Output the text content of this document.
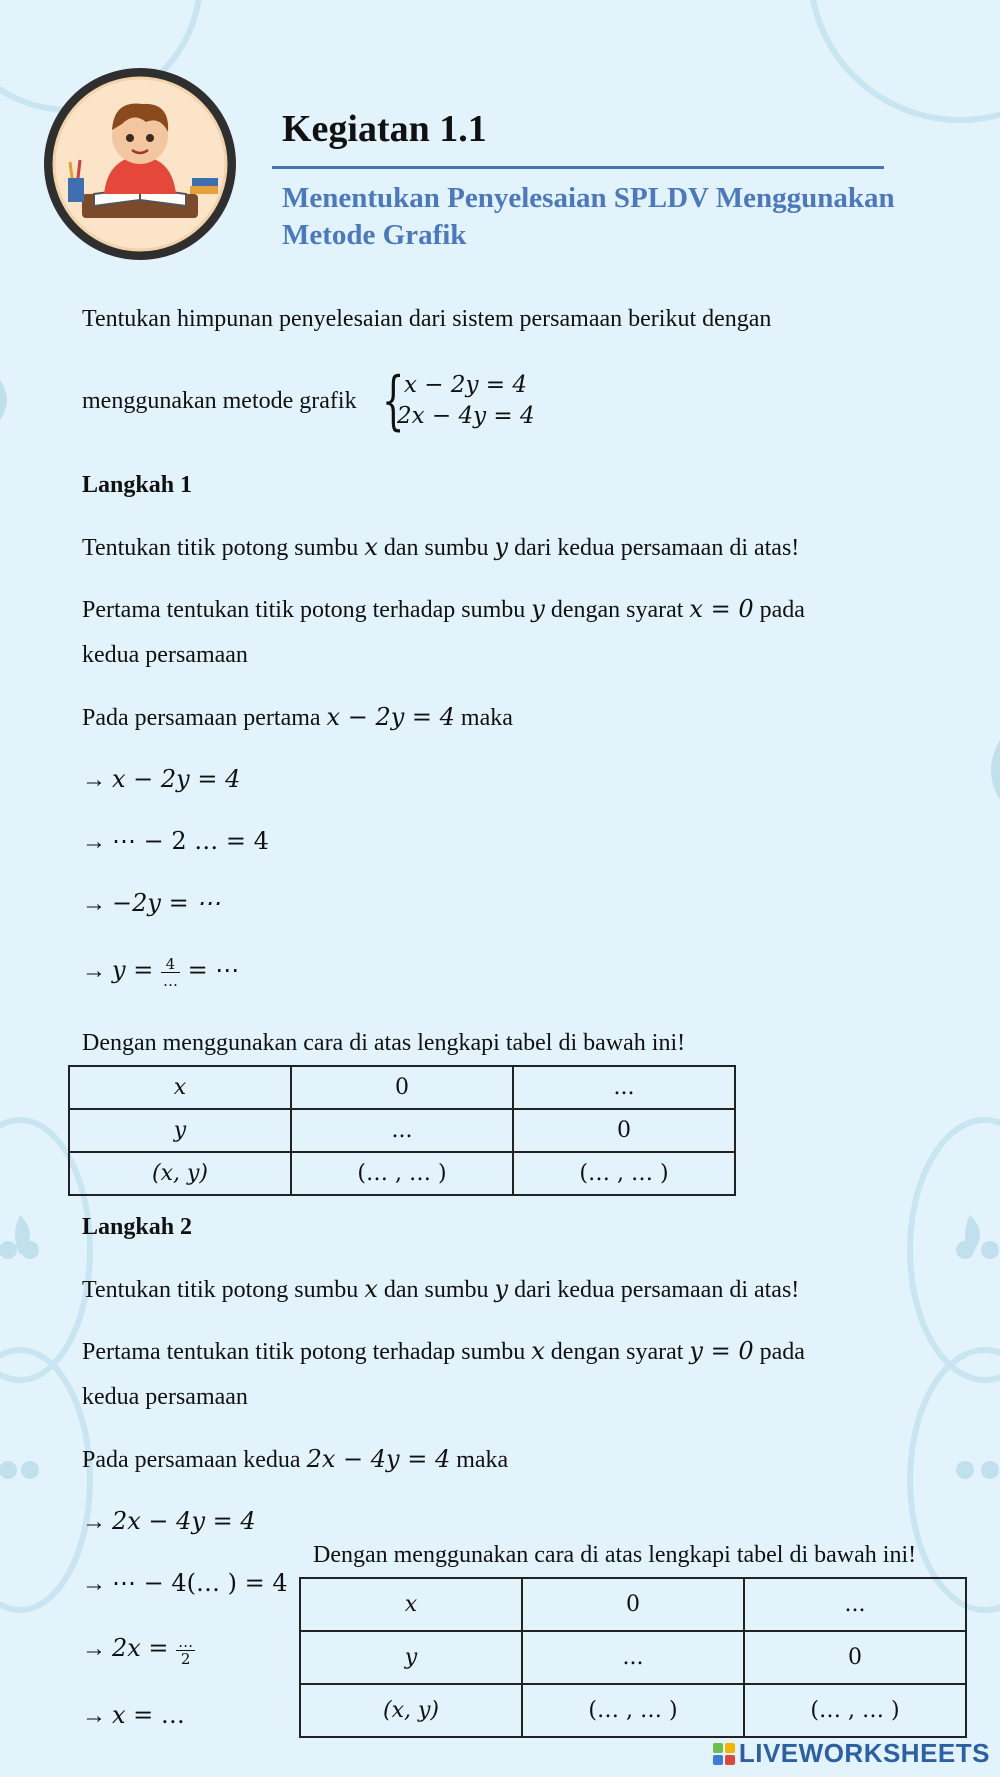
Kegiatan 1.1
Menentukan Penyelesaian SPLDV Menggunakan Metode Grafik
Tentukan himpunan penyelesaian dari sistem persamaan berikut dengan
menggunakan metode grafik { x − 2y = 4
2x − 4y = 4
Langkah 1
Tentukan titik potong sumbu x dan sumbu y dari kedua persamaan di atas!
Pertama tentukan titik potong terhadap sumbu y dengan syarat x = 0 pada
kedua persamaan
Pada persamaan pertama x − 2y = 4 maka
→ x − 2y = 4
→ ⋯ − 2 … = 4
→ −2y = ⋯
→ $y = \frac{4}{\dots}$ = ⋯
Dengan menggunakan cara di atas lengkapi tabel di bawah ini!
x	0	...
y	...	0
(x, y)	(… , … )	(… , … )
Langkah 2
Tentukan titik potong sumbu x dan sumbu y dari kedua persamaan di atas!
Pertama tentukan titik potong terhadap sumbu x dengan syarat y = 0 pada
kedua persamaan
Pada persamaan kedua 2x − 4y = 4 maka
→ 2x − 4y = 4
→ ⋯ − 4(… ) = 4
→ $2x = \frac{\dots}{2}$
→ x = …
Dengan menggunakan cara di atas lengkapi tabel di bawah ini!
x	0	...
y	...	0
(x, y)	(… , … )	(… , … )
LIVEWORKSHEETS
